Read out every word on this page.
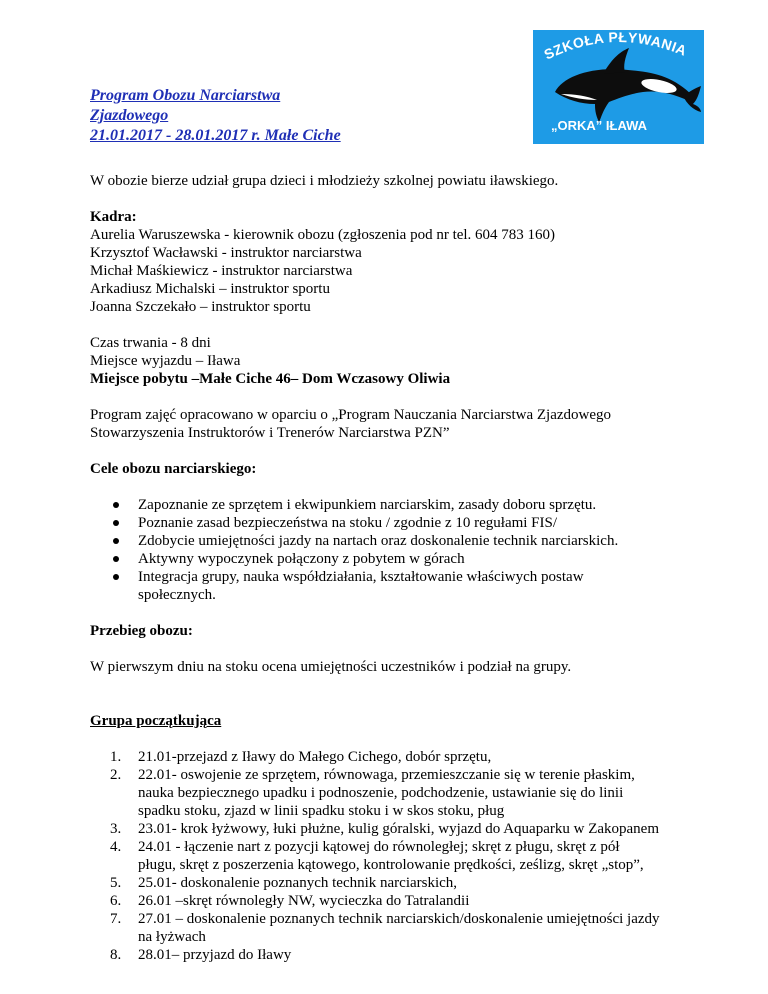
Program Obozu Narciarstwa
Zjazdowego
21.01.2017 - 28.01.2017 r. Małe Ciche
SZKOŁA PŁYWANIA
„ORKA” IŁAWA

W obozie bierze udział grupa dzieci i młodzieży szkolnej powiatu iławskiego.

Kadra:
Aurelia Waruszewska - kierownik obozu (zgłoszenia pod nr tel. 604 783 160)
Krzysztof Wacławski - instruktor narciarstwa
Michał Maśkiewicz - instruktor narciarstwa
Arkadiusz Michalski – instruktor sportu
Joanna Szczekało – instruktor sportu
Czas trwania - 8 dni
Miejsce wyjazdu – Iława
Miejsce pobytu –Małe Ciche 46– Dom Wczasowy Oliwia
Program zajęć opracowano w oparciu o „Program Nauczania Narciarstwa Zjazdowego
Stowarzyszenia Instruktorów i Trenerów Narciarstwa PZN”
Cele obozu narciarskiego:
Zapoznanie ze sprzętem i ekwipunkiem narciarskim, zasady doboru sprzętu.
Poznanie zasad bezpieczeństwa na stoku / zgodnie z 10 regułami FIS/
Zdobycie umiejętności jazdy na nartach oraz doskonalenie technik narciarskich.
Aktywny wypoczynek połączony z pobytem w górach
Integracja grupy, nauka współdziałania, kształtowanie właściwych postaw
społecznych.
Przebieg obozu:
W pierwszym dniu na stoku ocena umiejętności uczestników i podział na grupy.
Grupa początkująca
1. 21.01-przejazd z Iławy do Małego Cichego, dobór sprzętu,
2. 22.01- oswojenie ze sprzętem, równowaga, przemieszczanie się w terenie płaskim,
nauka bezpiecznego upadku i podnoszenie, podchodzenie, ustawianie się do linii
spadku stoku, zjazd w linii spadku stoku i w skos stoku, pług
3. 23.01- krok łyżwowy, łuki płużne, kulig góralski, wyjazd do Aquaparku w Zakopanem
4. 24.01 - łączenie nart z pozycji kątowej do równoległej; skręt z pługu, skręt z pół
pługu, skręt z poszerzenia kątowego, kontrolowanie prędkości, ześlizg, skręt „stop”,
5. 25.01- doskonalenie poznanych technik narciarskich,
6. 26.01 –skręt równoległy NW, wycieczka do Tatralandii
7. 27.01 – doskonalenie poznanych technik narciarskich/doskonalenie umiejętności jazdy
na łyżwach
8. 28.01– przyjazd do Iławy
